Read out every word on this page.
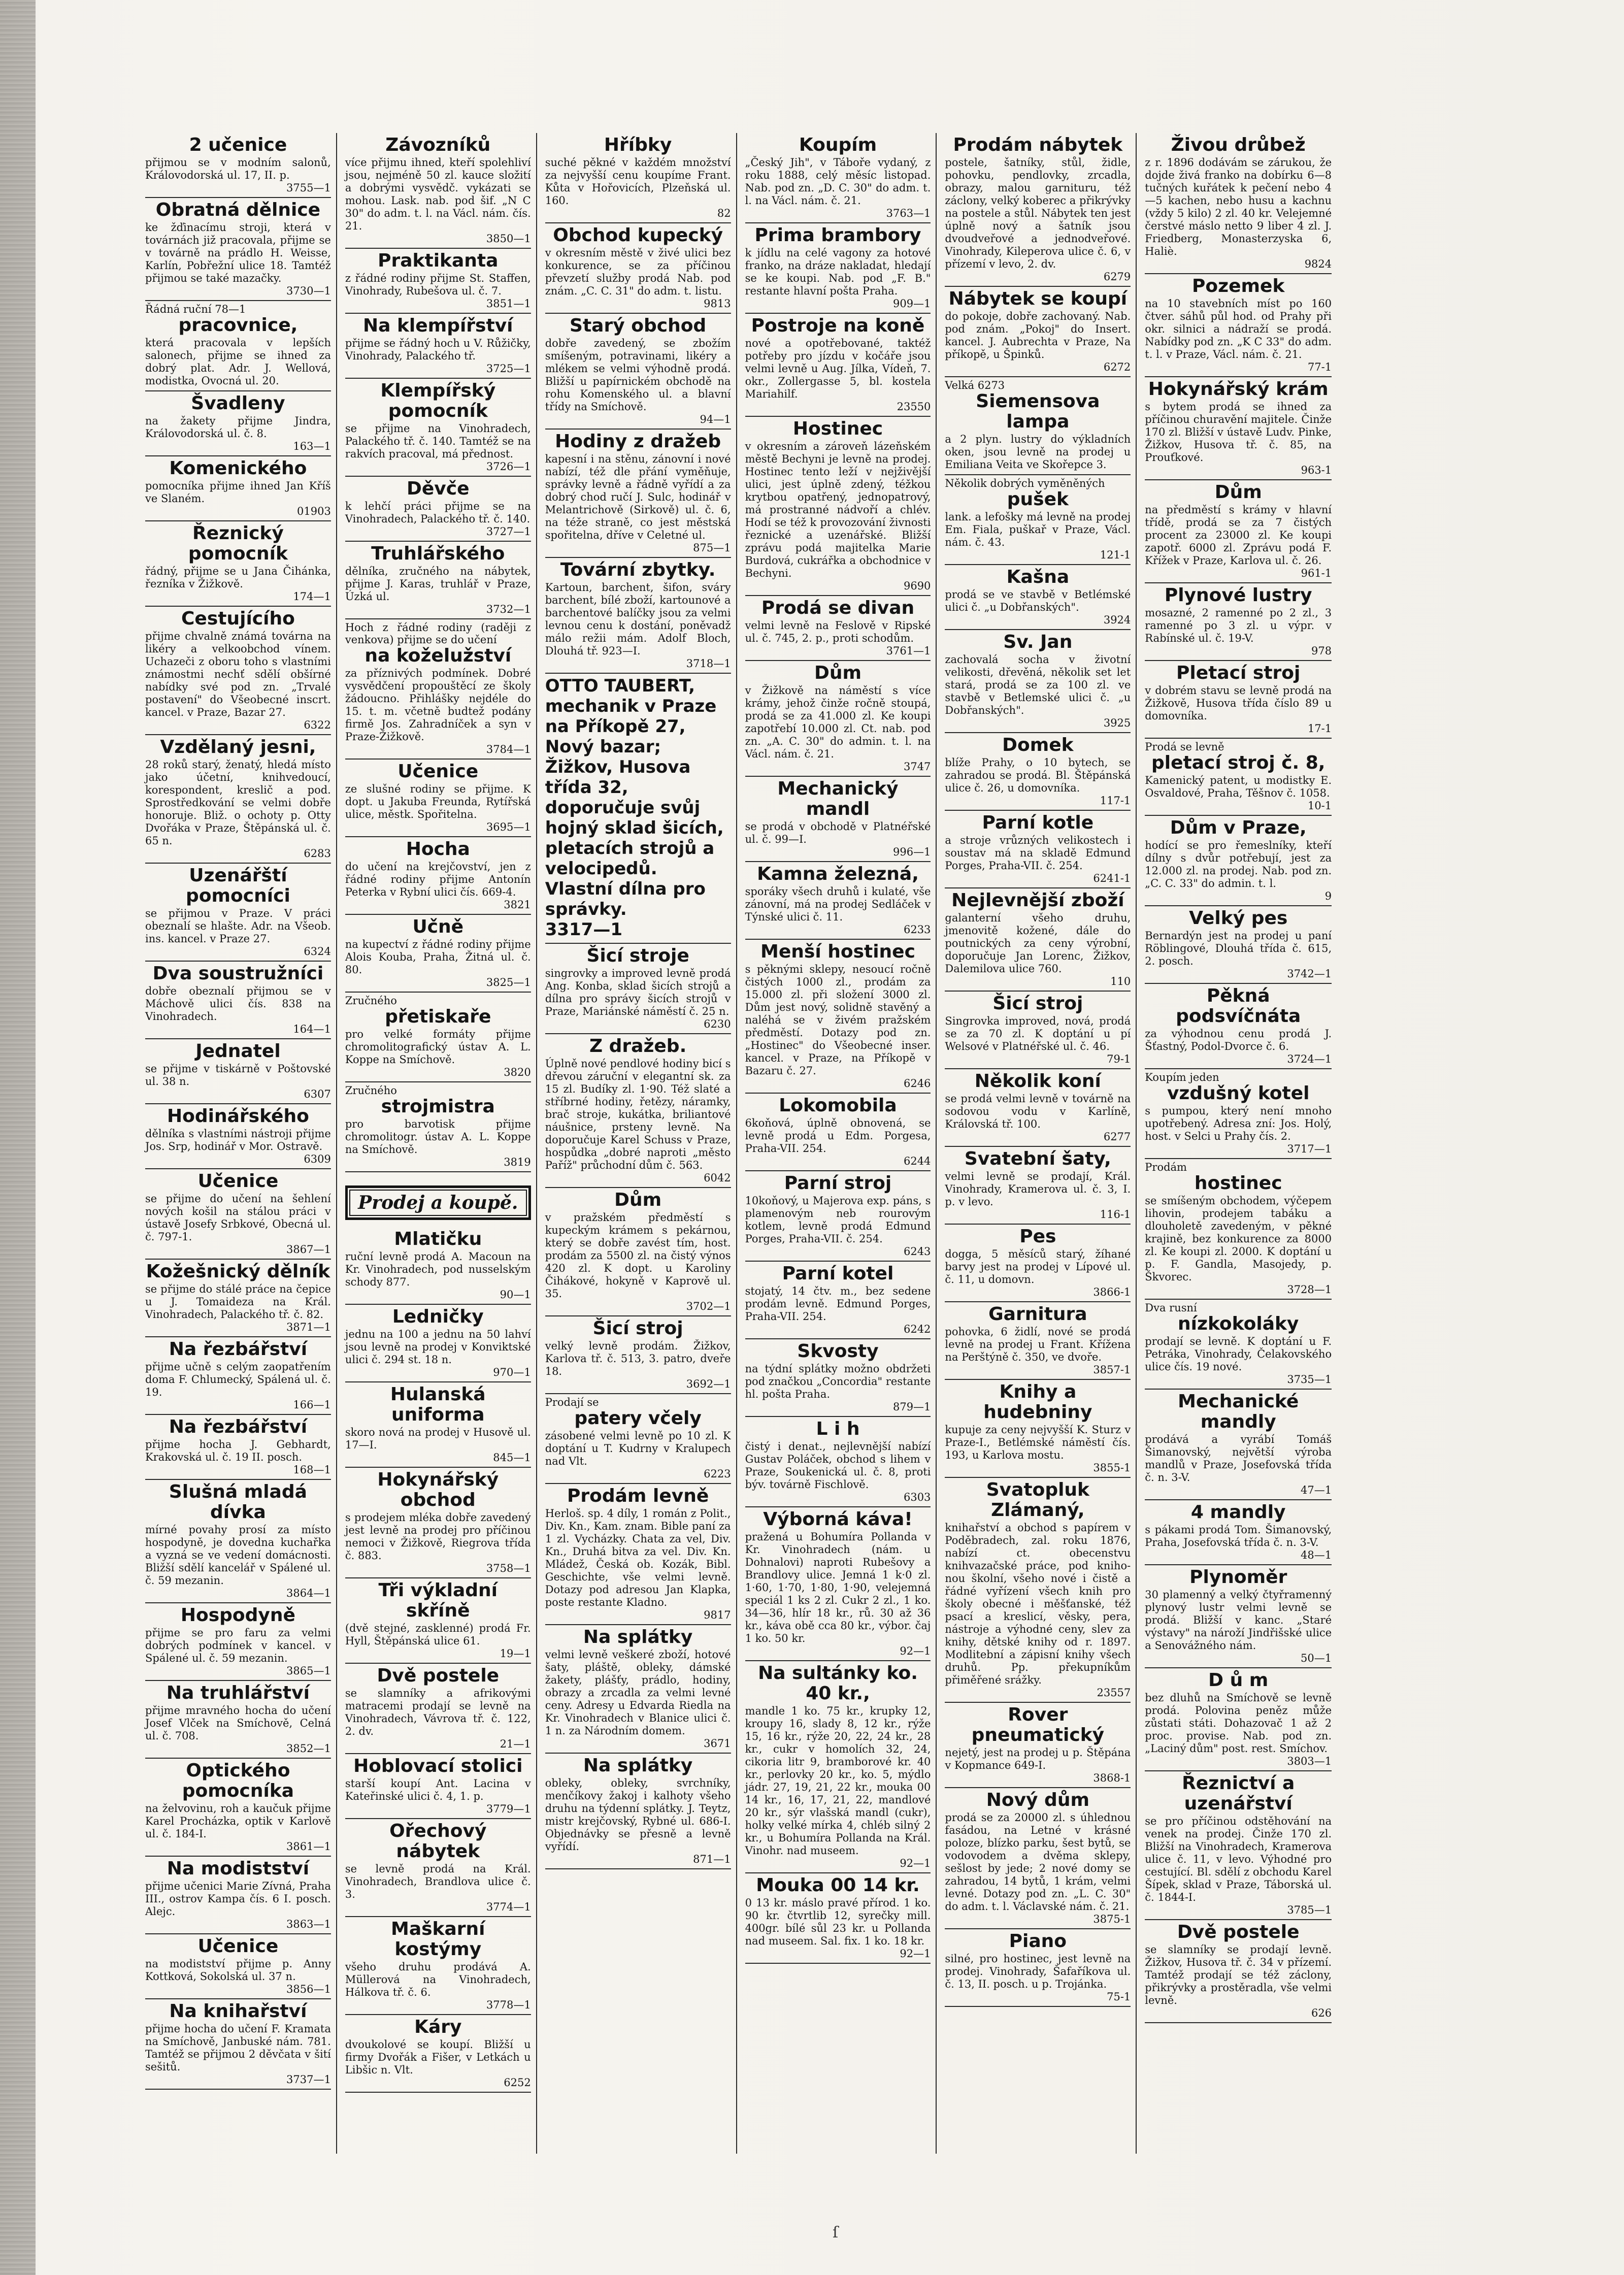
2 učenice

přijmou se v modním salonů, Královodorská ul. 17, II. p.

3755—1

Obratná dělnice

ke žďinacímu stroji, která v továrnách již pracovala, přijme se v továrně na prádlo H. Weisse, Karlín, Pobřežní ulice 18. Tamtéž přijmou se také mazačky.

3730—1

Řádná ruční 78—1

pracovnice,

která pracovala v lepších salonech, přijme se ihned za dobrý plat. Adr. J. Wellová, modistka, Ovocná ul. 20.

Švadleny

na žakety přijme Jindra, Královodorská ul. č. 8.

163—1

Komenického

pomocníka přijme ihned Jan Kříš ve Slaném.

01903

Řeznický pomocník

řádný, přijme se u Jana Čihánka, řezníka v Žižkově.

174—1

Cestujícího

přijme chvalně známá továrna na likéry a velkoobchod vínem. Uchazeči z oboru toho s vlastními známostmi nechť sdělí obšírné nabídky své pod zn. „Trvalé postavení" do Všeobecné inscrt. kancel. v Praze, Bazar 27.

6322

Vzdělaný jesni,

28 roků starý, ženatý, hledá místo jako účetní, knihvedoucí, korespondent, kreslič a pod. Sprostředkování se velmi dobře honoruje. Bliž. o ochoty p. Otty Dvořáka v Praze, Štěpánská ul. č. 65 n.

6283

Uzenářští pomocníci

se přijmou v Praze. V práci obeznalí se hlašte. Adr. na Všeob. ins. kancel. v Praze 27.

6324

Dva soustružníci

dobře obeznalí přijmou se v Máchově ulici čís. 838 na Vinohradech.

164—1

Jednatel

se přijme v tiskárně v Poštovské ul. 38 n.

6307

Hodinářského

dělníka s vlastními nástroji přijme Jos. Srp, hodinář v Mor. Ostravě.

6309

Učenice

se přijme do učení na šehlení nových košil na stálou práci v ústavě Josefy Srbkové, Obecná ul. č. 797-1.

3867—1

Kožešnický dělník

se přijme do stálé práce na čepice u J. Tomaideza na Král. Vinohradech, Palackého tř. č. 82.

3871—1

Na řezbářství

přijme učně s celým zaopatřením doma F. Chlumecký, Spálená ul. č. 19.

166—1

Na řezbářství

přijme hocha J. Gebhardt, Krakovská ul. č. 19 II. posch.

168—1

Slušná mladá dívka

mírné povahy prosí za místo hospodyně, je dovedna kuchařka a vyzná se ve vedení domácnosti. Bližší sdělí kancelář v Spálené ul. č. 59 mezanin.

3864—1

Hospodyně

přijme se pro faru za velmi dobrých podmínek v kancel. v Spálené ul. č. 59 mezanin.

3865—1

Na truhlářství

přijme mravného hocha do učení Josef Vlček na Smíchově, Celná ul. č. 708.

3852—1

Optického pomocníka

na želvovinu, roh a kaučuk přijme Karel Procházka, optik v Karlově ul. č. 184-I.

3861—1

Na modistství

přijme učenici Marie Zívná, Praha III., ostrov Kampa čís. 6 I. posch. Alejc.

3863—1

Učenice

na modistství přijme p. Anny Kottková, Sokolská ul. 37 n.

3856—1

Na knihařství

přijme hocha do učení F. Kramata na Smíchově, Janbuské nám. 781. Tamtéž se přijmou 2 děvčata v šití sešitů.

3737—1

Závozníků

více přijmu ihned, kteří spolehliví jsou, nejméně 50 zl. kauce složití a dobrými vysvědč. vykázati se mohou. Lask. nab. pod šif. „N C 30" do adm. t. l. na Václ. nám. čís. 21.

3850—1

Praktikanta

z řádné rodiny přijme St. Staffen, Vinohrady, Rubešova ul. č. 7.

3851—1

Na klempířství

přijme se řádný hoch u V. Růžičky, Vinohrady, Palackého tř.

3725—1

Klempířský pomocník

se přijme na Vinohradech, Palackého tř. č. 140. Tamtéž se na rakvích pracoval, má přednost.

3726—1

Děvče

k lehčí práci přijme se na Vinohradech, Palackého tř. č. 140.

3727—1

Truhlářského

dělníka, zručného na nábytek, přijme J. Karas, truhlář v Praze, Úzká ul.

3732—1

Hoch z řádné rodiny (raději z venkova) přijme se do učení

na koželužství

za příznivých podmínek. Dobré vysvědčení propouštěcí ze školy žádoucno. Přihlášky nejdéle do 15. t. m. včetně budtež podány firmě Jos. Zahradníček a syn v Praze-Žižkově.

3784—1

Učenice

ze slušné rodiny se přijme. K dopt. u Jakuba Freunda, Rytířská ulice, městk. Spořitelna.

3695—1

Hocha

do učení na krejčovství, jen z řádné rodiny přijme Antonín Peterka v Rybní ulici čís. 669-4.

3821

Učně

na kupectví z řádné rodiny přijme Alois Kouba, Praha, Žitná ul. č. 80.

3825—1

Zručného

přetiskaře

pro velké formáty přijme chromolitografický ústav A. L. Koppe na Smíchově.

3820

Zručného

strojmistra

pro barvotisk přijme chromolitogr. ústav A. L. Koppe na Smíchově.

3819

Prodej a koupě.
Mlatičku

ruční levně prodá A. Macoun na Kr. Vinohradech, pod nusselským schody 877.

90—1

Ledničky

jednu na 100 a jednu na 50 lahví jsou levně na prodej v Konviktské ulici č. 294 st. 18 n.

970—1

Hulanská uniforma

skoro nová na prodej v Husově ul. 17—I.

845—1

Hokynářský obchod

s prodejem mléka dobře zavedený jest levně na prodej pro příčinou nemoci v Žižkově, Riegrova třída č. 883.

3758—1

Tři výkladní skříně

(dvě stejné, zasklenné) prodá Fr. Hyll, Štěpánská ulice 61.

19—1

Dvě postele

se slamníky a afrikovými matracemi prodají se levně na Vinohradech, Vávrova tř. č. 122, 2. dv.

21—1

Hoblovací stolici

starší koupí Ant. Lacina v Kateřinské ulici č. 4, 1. p.

3779—1

Ořechový nábytek

se levně prodá na Král. Vinohradech, Brandlova ulice č. 3.

3774—1

Maškarní kostýmy

všeho druhu prodává A. Müllerová na Vinohradech, Hálkova tř. č. 6.

3778—1

Káry

dvoukolové se koupí. Bližší u firmy Dvořák a Fišer, v Letkách u Libšic n. Vlt.

6252

Hříbky

suché pěkné v každém množství za nejvyšší cenu koupíme Frant. Kůta v Hořovicích, Plzeňská ul. 160.

82

Obchod kupecký

v okresním městě v živé ulici bez konkurence, se za příčinou převzetí služby prodá Nab. pod znám. „C. C. 31" do adm. t. listu.

9813

Starý obchod

dobře zavedený, se zbožím smíšeným, potravinami, likéry a mlékem se velmi výhodně prodá. Bližší u papírnickém obchodě na rohu Komenského ul. a blavní třídy na Smíchově.

94—1

Hodiny z dražeb

kapesní i na stěnu, zánovní i nové nabízí, též dle přání vyměňuje, správky levně a řádně vyřídí a za dobrý chod ručí J. Sulc, hodinář v Melantrichově (Sirkově) ul. č. 6, na téže straně, co jest městská spořitelna, dříve v Celetné ul.

875—1

Tovární zbytky.

Kartoun, barchent, šifon, sváry barchent, bílé zboží, kartounové a barchentové balíčky jsou za velmi levnou cenu k dostání, poněvadž málo režii mám. Adolf Bloch, Dlouhá tř. 923—I.

3718—1

OTTO TAUBERT, mechanik v Praze na Příkopě 27, Nový bazar; Žižkov, Husova třída 32, doporučuje svůj hojný sklad šicích, pletacích strojů a velocipedů. Vlastní dílna pro správky.

3317—1

Šicí stroje

singrovky a improved levně prodá Ang. Konba, sklad šicích strojů a dílna pro správy šicích strojů v Praze, Mariánské náměstí č. 25 n.

6230

Z dražeb.

Úplně nové pendlové hodiny bicí s dřevou záruční v elegantní sk. za 15 zl. Budíky zl. 1·90. Též slaté a stříbrné hodiny, řetězy, náramky, brač stroje, kukátka, briliantové náušnice, prsteny levně. Na doporučuje Karel Schuss v Praze, hospůdka „dobré naproti „město Paříž" průchodní dům č. 563.

6042

Dům

v pražském předměstí s kupeckým krámem s pekárnou, který se dobře zavést tím, host. prodám za 5500 zl. na čistý výnos 420 zl. K dopt. u Karoliny Čihákové, hokyně v Kaprově ul. 35.

3702—1

Šicí stroj

velký levně prodám. Žižkov, Karlova tř. č. 513, 3. patro, dveře 18.

3692—1

Prodají se

patery včely

zásobené velmi levně po 10 zl. K doptání u T. Kudrny v Kralupech nad Vlt.

6223

Prodám levně

Herloš. sp. 4 díly, 1 román z Polit., Div. Kn., Kam. znam. Bible paní za 1 zl. Vycházky. Chata za vel, Div. Kn., Druhá bitva za vel. Div. Kn. Mládež, Česká ob. Kozák, Bibl. Geschichte, vše velmi levně. Dotazy pod adresou Jan Klapka, poste restante Kladno.

9817

Na splátky

velmi levně veškeré zboží, hotové šaty, pláště, obleky, dámské žakety, plášťy, prádlo, hodiny, obrazy a zrcadla za velmi levné ceny. Adresy u Edvarda Riedla na Kr. Vinohradech v Blanice ulici č. 1 n. za Národním domem.

3671

Na splátky

obleky, obleky, svrchníky, menčíkovy žakoj i kalhoty všeho druhu na týdenní splátky. J. Teytz, mistr krejčovský, Rybné ul. 686-I. Objednávky se přesně a levně vyřídí.

871—1

Koupím

„Český Jih", v Táboře vydaný, z roku 1888, celý měsíc listopad. Nab. pod zn. „D. C. 30" do adm. t. l. na Václ. nám. č. 21.

3763—1

Prima brambory

k jídlu na celé vagony za hotové franko, na dráze nakladat, hledají se ke koupi. Nab. pod „F. B." restante hlavní pošta Praha.

909—1

Postroje na koně

nové a opotřebované, taktéž potřeby pro jízdu v kočáře jsou velmi levně u Aug. Jílka, Vídeň, 7. okr., Zollergasse 5, bl. kostela Mariahilf.

23550

Hostinec

v okresním a zároveň lázeňském městě Bechyni je levně na prodej. Hostinec tento leží v nejživější ulici, jest úplně zdený, téžkou krytbou opatřený, jednopatrový, má prostranné nádvoří a chlév. Hodí se též k provozování živnosti řeznické a uzenářské. Bližší zprávu podá majitelka Marie Burdová, cukrářka a obchodnice v Bechyni.

9690

Prodá se divan

velmi levně na Feslově v Ripské ul. č. 745, 2. p., proti schodům.

3761—1

Dům

v Žižkově na náměstí s více krámy, jehož činže ročně stoupá, prodá se za 41.000 zl. Ke koupi zapotřebí 10.000 zl. Ct. nab. pod zn. „A. C. 30" do admin. t. l. na Václ. nám. č. 21.

3747

Mechanický mandl

se prodá v obchodě v Platnéřské ul. č. 99—I.

996—1

Kamna železná,

sporáky všech druhů i kulaté, vše zánovní, má na prodej Sedláček v Týnské ulici č. 11.

6233

Menší hostinec

s pěknými sklepy, nesoucí ročně čistých 1000 zl., prodám za 15.000 zl. při složení 3000 zl. Dům jest nový, solidně stavěný a naléhá se v živém pražském předměstí. Dotazy pod zn. „Hostinec" do Všeobecné inser. kancel. v Praze, na Příkopě v Bazaru č. 27.

6246

Lokomobila

6koňová, úplně obnovená, se levně prodá u Edm. Porgesa, Praha-VII. 254.

6244

Parní stroj

10koňový, u Majerova exp. páns, s plamenovým neb rourovým kotlem, levně prodá Edmund Porges, Praha-VII. č. 254.

6243

Parní kotel

stojatý, 14 čtv. m., bez sedene prodám levně. Edmund Porges, Praha-VII. 254.

6242

Skvosty

na týdní splátky možno obdržeti pod značkou „Concordia" restante hl. pošta Praha.

879—1

L i h

čistý i denat., nejlevnější nabízí Gustav Poláček, obchod s lihem v Praze, Soukenická ul. č. 8, proti býv. továrně Fischlově.

6303

Výborná kávа!

pražená u Bohumíra Pollanda v Kr. Vinohradech (nám. u Dohnalovi) naproti Rubešovy a Brandlovy ulice. Jemná 1 k·0 zl. 1·60, 1·70, 1·80, 1·90, velejemná speciál 1 ks 2 zl. Cukr 2 zl., 1 ko. 34—36, hlír 18 kr., rů. 30 až 36 kr., káva obě cca 80 kr., výbor. čaj 1 ko. 50 kr.

92—1

Na sultánky ko. 40 kr.,

mandle 1 ko. 75 kr., krupky 12, kroupy 16, slady 8, 12 kr., rýže 15, 16 kr., rýže 20, 22, 24 kr., 28 kr., cukr v homolích 32, 24, cikoria litr 9, bramborové kr. 40 kr., perlovky 20 kr., ko. 5, mýdlo jádr. 27, 19, 21, 22 kr., mouka 00 14 kr., 16, 17, 21, 22, mandlové 20 kr., sýr vlašská mandl (cukr), holky velké mírka 4, chléb silný 2 kr., u Bohumíra Pollanda na Král. Vinohr. nad museem.

92—1

Mouka 00 14 kr.

0 13 kr. máslo pravé přírod. 1 ko. 90 kr. čtvrtlib 12, syrečky mill. 400gr. bílé sůl 23 kr. u Pollanda nad museem. Sal. fix. 1 ko. 18 kr.

92—1

Prodám nábytek

postele, šatníky, stůl, židle, pohovku, pendlovky, zrcadla, obrazy, malou garnituru, též záclony, velký koberec a přikrývky na postele a stůl. Nábytek ten jest úplně nový a šatník jsou dvoudveřové a jednodveřové. Vinohrady, Kileperova ulice č. 6, v přízemí v levo, 2. dv.

6279

Nábytek se koupí

do pokoje, dobře zachovaný. Nab. pod znám. „Pokoj" do Insert. kancel. J. Aubrechta v Praze, Na příkopě, u Špinků.

6272

Velká 6273

Siemensova lampa

a 2 plyn. lustry do výkladních oken, jsou levně na prodej u Emiliana Veita ve Skořepce 3.

Několik dobrých vyměněných

pušek

lank. a lefošky má levně na prodej Em. Fiala, puškař v Praze, Václ. nám. č. 43.

121-1

Kašna

prodá se ve stavbě v Betlémské ulici č. „u Dobřanských".

3924

Sv. Jan

zachovalá socha v životní velikosti, dřevěná, několik set let stará, prodá se za 100 zl. ve stavbě v Betlemské ulici č. „u Dobřanských".

3925

Domek

blíže Prahy, o 10 bytech, se zahradou se prodá. Bl. Štěpánská ulice č. 26, u domovníka.

117-1

Parní kotle

a stroje vrůzných velikostech i soustav má na skladě Edmund Porges, Praha-VII. č. 254.

6241-1

Nejlevnější zboží

galanterní všeho druhu, jmenovitě kožené, dále do poutnických za ceny výrobní, doporučuje Jan Lorenc, Žižkov, Dalemilova ulice 760.

110

Šicí stroj

Singrovka improved, nová, prodá se za 70 zl. K doptání u pí Welsové v Platnéřské ul. č. 46.

79-1

Několik koní

se prodá velmi levně v továrně na sodovou vodu v Karlíně, Královská tř. 100.

6277

Svatební šaty,

velmi levně se prodají, Král. Vinohrady, Kramerova ul. č. 3, I. p. v levo.

116-1

Pes

dogga, 5 měsíců starý, žíhané barvy jest na prodej v Lípové ul. č. 11, u domovn.

3866-1

Garnitura

pohovka, 6 židlí, nové se prodá levně na prodej u Frant. Křížena na Perštýně č. 350, ve dvoře.

3857-1

Knihy a hudebniny

kupuje za ceny nejvyšší K. Sturz v Praze-I., Betlémské náměstí čís. 193, u Karlova mostu.

3855-1

Svatopluk Zlámaný,

knihařství a obchod s papírem v Poděbradech, zal. roku 1876, nabízí ct. obecenstvu knihvazačské práce, pod kniho- nou školní, všeho nové i čistě a řádné vyřízení všech knih pro školy obecné i měšťanské, též psací a kreslicí, věsky, pera, nástroje a výhodné ceny, slev za knihy, dětské knihy od r. 1897. Modlitební a zápisní knihy všech druhů. Pp. překupníkům přiměřené srážky.

23557

Rover pneumatický

nejetý, jest na prodej u p. Štěpána v Kopmance 649-I.

3868-1

Nový dům

prodá se za 20000 zl. s úhlednou fasádou, na Letné v krásné poloze, blízko parku, šest bytů, se vodovodem a dvěma sklepy, sešlost by jede; 2 nové domy se zahradou, 14 bytů, 1 krám, velmi levné. Dotazy pod zn. „L. C. 30" do adm. t. l. Václavské nám. č. 21.

3875-1

Piano

silné, pro hostinec, jest levně na prodej. Vinohrady, Šafaříkova ul. č. 13, II. posch. u p. Trojánka.

75-1

Živou drůbež

z r. 1896 dodávám se zárukou, že dojde živá franko na dobírku 6—8 tučných kuřátek k pečení nebo 4—5 kachen, nebo husu a kachnu (vždy 5 kilo) 2 zl. 40 kr. Velejemné čerstvé máslo netto 9 liber 4 zl. J. Friedberg, Monasterzyska 6, Haliè.

9824

Pozemek

na 10 stavebních míst po 160 čtver. sáhů půl hod. od Prahy při okr. silnici a nádraží se prodá. Nabídky pod zn. „K C 33" do adm. t. l. v Praze, Václ. nám. č. 21.

77-1

Hokynářský krám

s bytem prodá se ihned za příčinou churavění majitele. Činže 170 zl. Bližší v ústavě Ludv. Pinke, Žižkov, Husova tř. č. 85, na Prouťkové.

963-1

Dům

na předměstí s krámy v hlavní třídě, prodá se za 7 čistých procent za 23000 zl. Ke koupi zapotř. 6000 zl. Zprávu podá F. Křížek v Praze, Karlova ul. č. 26.

961-1

Plynové lustry

mosazné, 2 ramenné po 2 zl., 3 ramenné po 3 zl. u výpr. v Rabínské ul. č. 19-V.

978

Pletací stroj

v dobrém stavu se levně prodá na Žižkově, Husova třída číslo 89 u domovníka.

17-1

Prodá se levně

pletací stroj č. 8,

Kamenický patent, u modistky E. Osvaldové, Praha, Těšnov č. 1058.

10-1

Dům v Praze,

hodící se pro řemeslníky, kteří dílny s dvůr potřebují, jest za 12.000 zl. na prodej. Nab. pod zn. „C. C. 33" do admin. t. l.

9

Velký pes

Bernardýn jest na prodej u paní Röblingové, Dlouhá třída č. 615, 2. posch.

3742—1

Pěkná podsvíčnáta

za výhodnou cenu prodá J. Šťastný, Podol-Dvorce č. 6.

3724—1

Koupím jeden

vzdušný kotel

s pumpou, který není mnoho upotřebený. Adresa zní: Jos. Holý, host. v Selci u Prahy čís. 2.

3717—1

Prodám

hostinec

se smíšeným obchodem, výčepem lihovin, prodejem tabáku a dlouholetě zavedeným, v pěkné krajině, bez konkurence za 8000 zl. Ke koupi zl. 2000. K doptání u p. F. Gandla, Masojedy, p. Škvorec.

3728—1

Dva rusní

nízkokoláky

prodají se levně. K doptání u F. Petráka, Vinohrady, Čelakovského ulice čís. 19 nové.

3735—1

Mechanické mandly

prodává a vyrábí Tomáš Šimanovský, největší výroba mandlů v Praze, Josefovská třída č. n. 3-V.

47—1

4 mandly

s pákami prodá Tom. Šimanovský, Praha, Josefovská třída č. n. 3-V.

48—1

Plynoměr

30 plamenný a velký čtyřramenný plynový lustr velmi levně se prodá. Bližší v kanc. „Staré výstavy" na nároží Jindřišské ulice a Senovážného nám.

50—1

D ů m

bez dluhů na Smíchově se levně prodá. Polovina peněz může zůstati státi. Dohazovač 1 až 2 proc. provise. Nab. pod zn. „Laciný dům" post. rest. Smíchov.

3803—1

Řeznictví a uzenářství

se pro příčinou odstěhování na venek na prodej. Činže 170 zl. Bližší na Vinohradech, Kramerova ulice č. 11, v levo. Výhodné pro cestující. Bl. sdělí z obchodu Karel Šípek, sklad v Praze, Táborská ul. č. 1844-I.

3785—1

Dvě postele

se slamníky se prodají levně. Žižkov, Husova tř. č. 34 v přízemí. Tamtéž prodají se též záclony, přikrývky a prostěradla, vše velmi levně.

626

ſ
